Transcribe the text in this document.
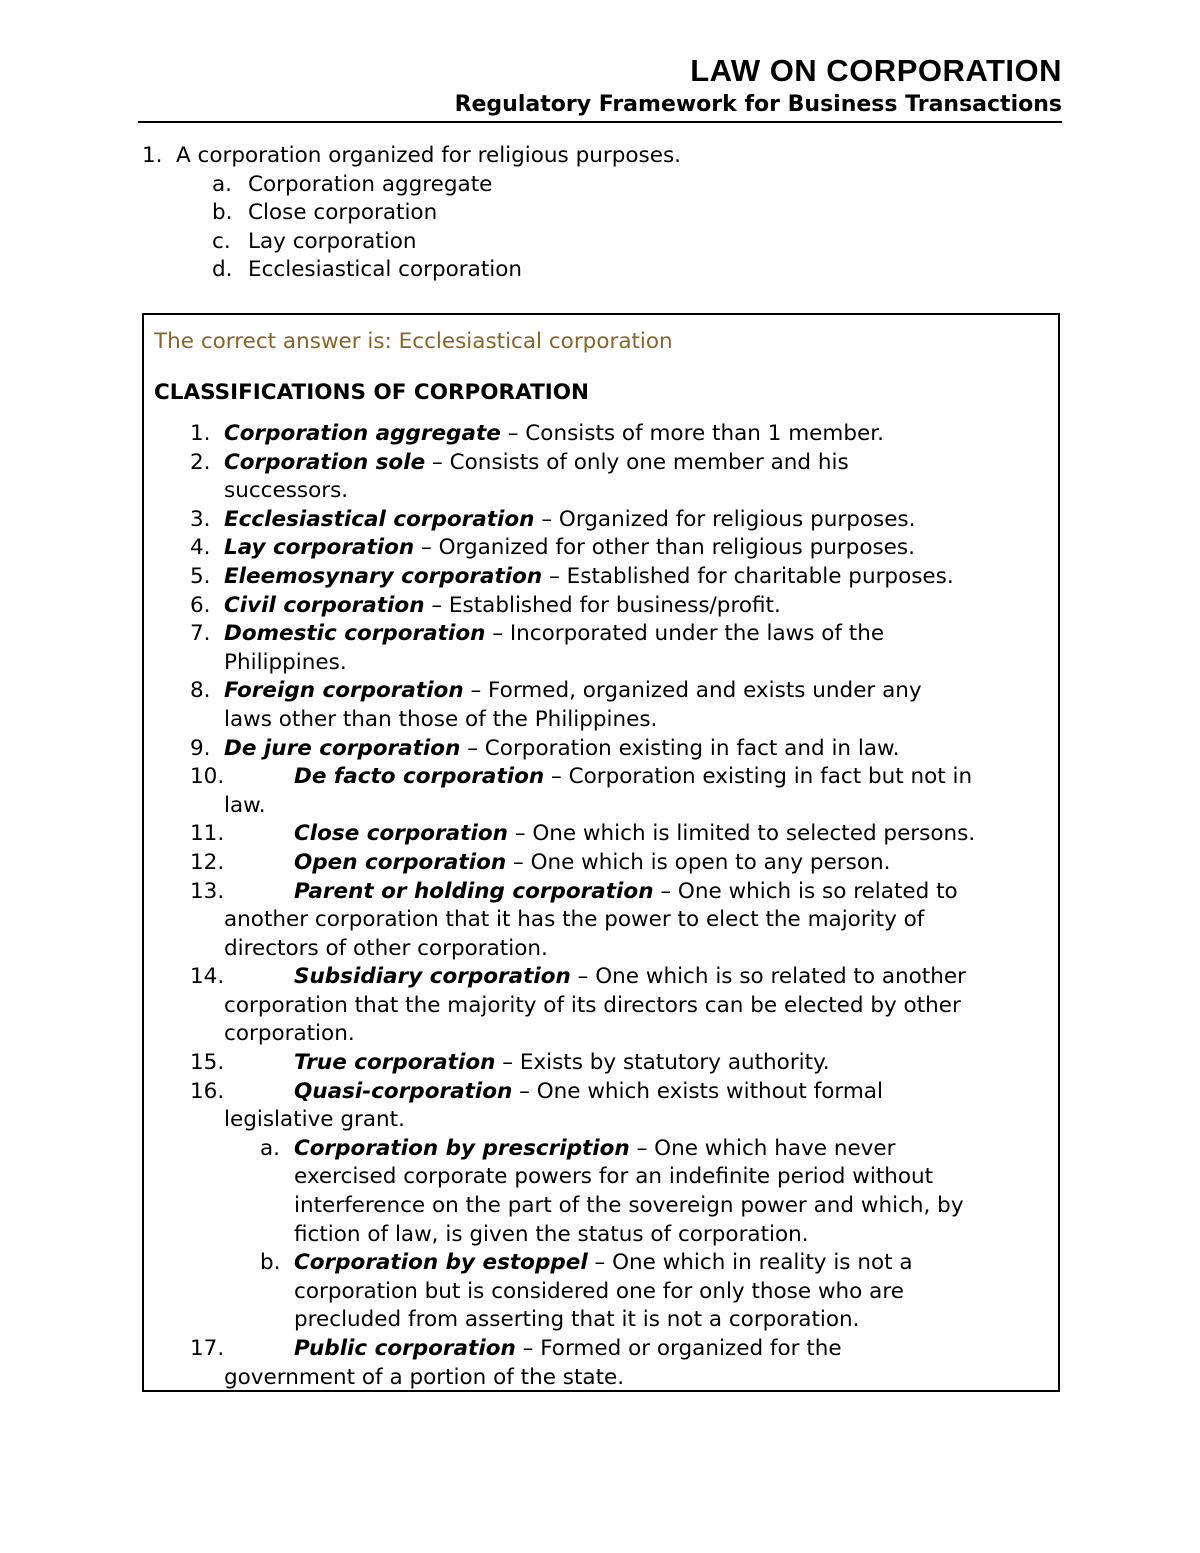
LAW ON CORPORATION
Regulatory Framework for Business Transactions
1. A corporation organized for religious purposes.
a. Corporation aggregate
b. Close corporation
c. Lay corporation
d. Ecclesiastical corporation
The correct answer is: Ecclesiastical corporation
CLASSIFICATIONS OF CORPORATION
1. Corporation aggregate – Consists of more than 1 member.
2. Corporation sole – Consists of only one member and his
successors.
3. Ecclesiastical corporation – Organized for religious purposes.
4. Lay corporation – Organized for other than religious purposes.
5. Eleemosynary corporation – Established for charitable purposes.
6. Civil corporation – Established for business/profit.
7. Domestic corporation – Incorporated under the laws of the
Philippines.
8. Foreign corporation – Formed, organized and exists under any
laws other than those of the Philippines.
9. De jure corporation – Corporation existing in fact and in law.
10.	De facto corporation – Corporation existing in fact but not in
law.
11.	Close corporation – One which is limited to selected persons.
12.	Open corporation – One which is open to any person.
13.	Parent or holding corporation – One which is so related to
another corporation that it has the power to elect the majority of
directors of other corporation.
14.	Subsidiary corporation – One which is so related to another
corporation that the majority of its directors can be elected by other
corporation.
15.	True corporation – Exists by statutory authority.
16.	Quasi-corporation – One which exists without formal
legislative grant.
a. Corporation by prescription – One which have never
exercised corporate powers for an indefinite period without
interference on the part of the sovereign power and which, by
fiction of law, is given the status of corporation.
b. Corporation by estoppel – One which in reality is not a
corporation but is considered one for only those who are
precluded from asserting that it is not a corporation.
17.	Public corporation – Formed or organized for the
government of a portion of the state.
